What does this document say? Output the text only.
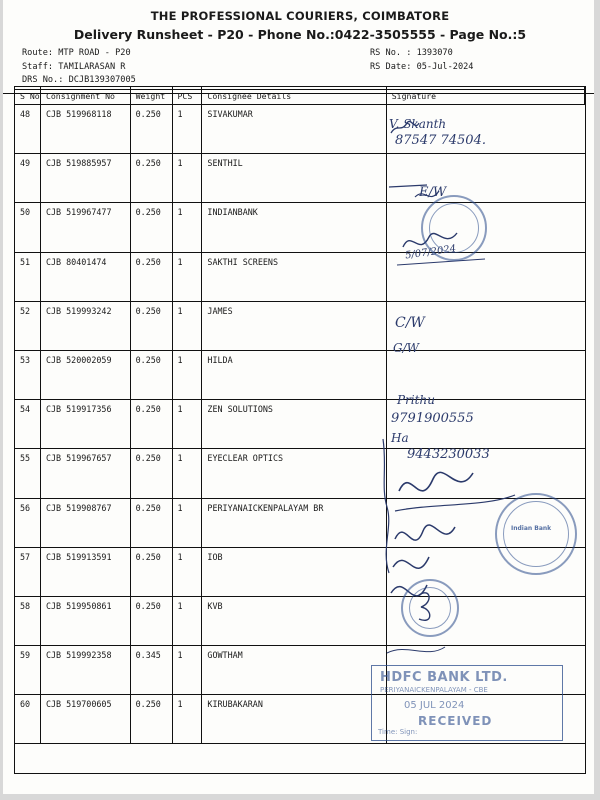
THE PROFESSIONAL COURIERS, COIMBATORE
Delivery Runsheet - P20 - Phone No.:0422-3505555 - Page No.:5
Route: MTP ROAD - P20
Staff: TAMILARASAN R
DRS No.: DCJB139307005
RS No. : 1393070
RS Date: 05-Jul-2024
S No Consignment No	Weight	PCS	Consignee Details	Signature
48	CJB 519968118	0.250	1	SIVAKUMAR
49	CJB 519885957	0.250	1	SENTHIL
50	CJB 519967477	0.250	1	INDIANBANK
51	CJB 80401474	0.250	1	SAKTHI SCREENS
52	CJB 519993242	0.250	1	JAMES
53	CJB 520002059	0.250	1	HILDA
54	CJB 519917356	0.250	1	ZEN SOLUTIONS
55	CJB 519967657	0.250	1	EYECLEAR OPTICS
56	CJB 519908767	0.250	1	PERIYANAICKENPALAYAM BR
57	CJB 519913591	0.250	1	IOB
58	CJB 519950861	0.250	1	KVB
59	CJB 519992358	0.345	1	GOWTHAM
60	CJB 519700605	0.250	1	KIRUBAKARAN
V. Skanth
87547 74504.
E/W
5/07/2024
C/W
G/W
Prithu
9791900555
Ha
9443230033
Indian Bank
HDFC BANK LTD.
PERIYANAICKENPALAYAM - CBE
05 JUL 2024
RECEIVED
Time: Sign:
